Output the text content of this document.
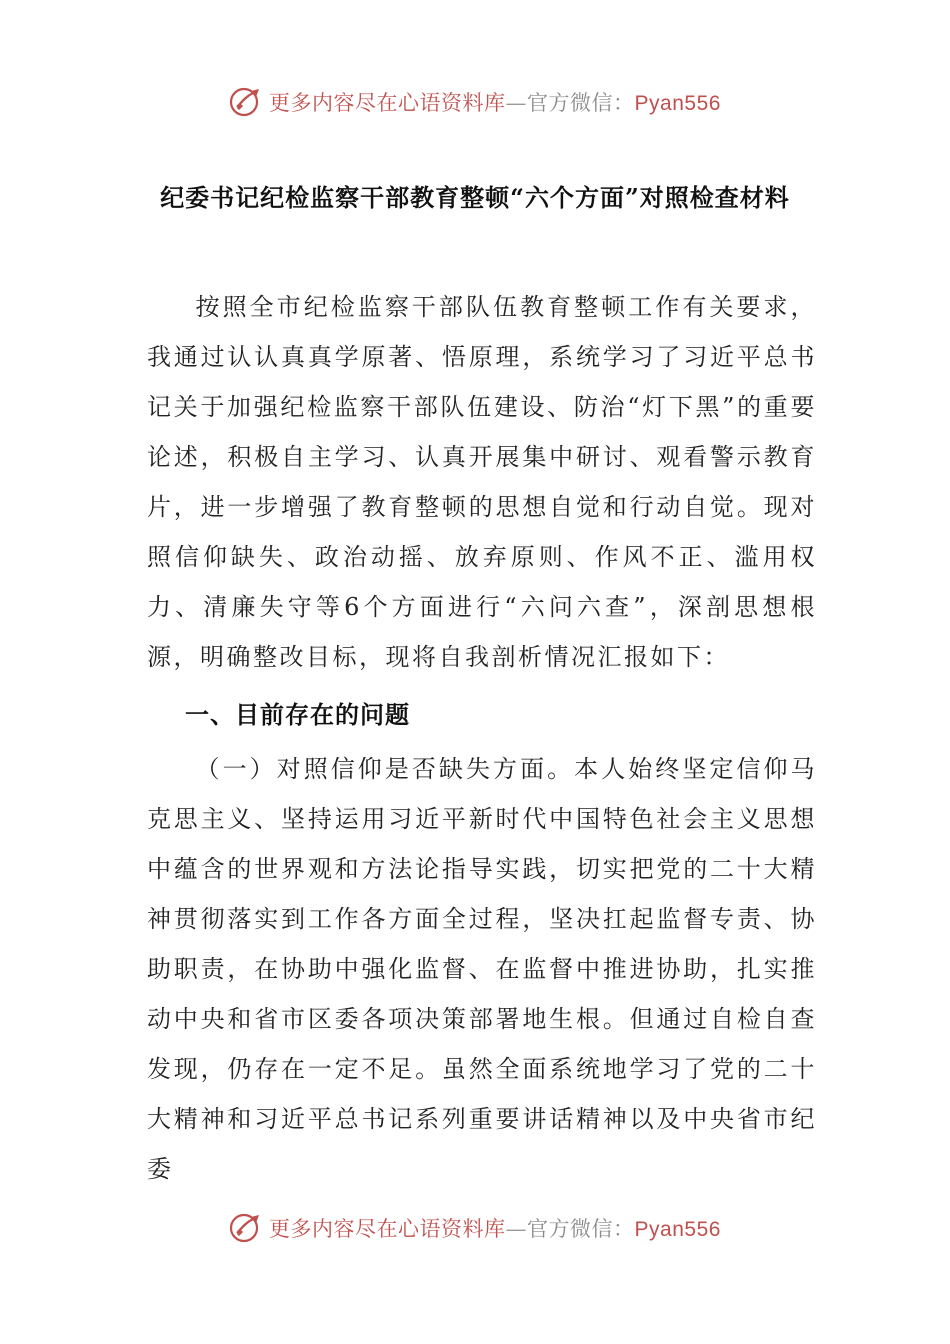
更多内容尽在心语资料库—官方微信：Pyan556
纪委书记纪检监察干部教育整顿“六个方面”对照检查材料
按照全市纪检监察干部队伍教育整顿工作有关要求，我通过认认真真学原著、悟原理，系统学习了习近平总书记关于加强纪检监察干部队伍建设、防治“灯下黑”的重要论述，积极自主学习、认真开展集中研讨、观看警示教育片，进一步增强了教育整顿的思想自觉和行动自觉。现对照信仰缺失、政治动摇、放弃原则、作风不正、滥用权力、清廉失守等6个方面进行“六问六查”，深剖思想根源，明确整改目标，现将自我剖析情况汇报如下：
一、目前存在的问题
（一）对照信仰是否缺失方面。本人始终坚定信仰马克思主义、坚持运用习近平新时代中国特色社会主义思想中蕴含的世界观和方法论指导实践，切实把党的二十大精神贯彻落实到工作各方面全过程，坚决扛起监督专责、协助职责，在协助中强化监督、在监督中推进协助，扎实推动中央和省市区委各项决策部署地生根。但通过自检自查发现，仍存在一定不足。虽然全面系统地学习了党的二十大精神和习近平总书记系列重要讲话精神以及中央省市纪委
更多内容尽在心语资料库—官方微信：Pyan556
